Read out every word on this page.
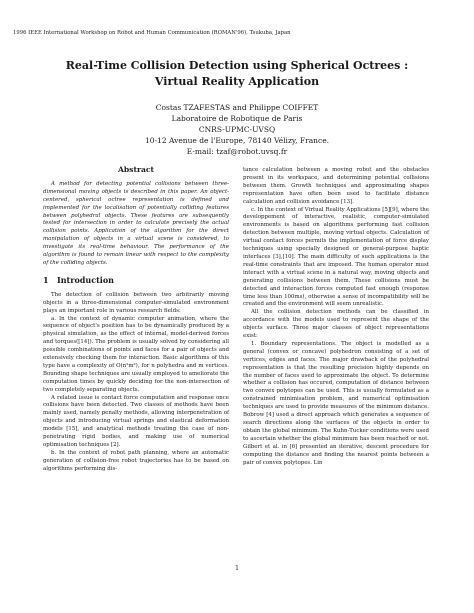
1996 IEEE International Workshop on Robot and Human Communication (ROMAN'96), Tsukuba, Japan
Real-Time Collision Detection using Spherical Octrees :
Virtual Reality Application
Costas TZAFESTAS and Philippe COIFFET
Laboratoire de Robotique de Paris
CNRS-UPMC-UVSQ
10-12 Avenue de l'Europe, 78140 Vélizy, France.
E-mail: tzaf@robot.uvsq.fr
Abstract

A method for detecting potential collisions between three-dimensional moving objects is described in this paper. An object-centered, spherical octree representation is defined and implemented for the localisation of potentially colliding features between polyhedral objects. These features are subsequently tested for intersection in order to calculate precisely the actual collision points. Application of the algorithm for the direct manipulation of objects in a virtual scene is considered, to investigate its real-time behaviour. The performance of the algorithm is found to remain linear with respect to the complexity of the colliding objects.

1 Introduction

The detection of collision between two arbitrarily moving objects in a three-dimensional computer-simulated environment plays an important role in various research fields:

a. In the context of dynamic computer animation, where the sequence of object's position has to be dynamically produced by a physical simulation, as the effect of internal, model-derived forces and torques([14]). The problem is usually solved by considering all possible combinations of points and faces for a pair of objects and extensively checking them for interaction. Basic algorithms of this type have a complexity of O(n²m²), for n polyhedra and m vertices. Bounding shape techniques are usually employed to ameliorate the computation times by quickly deciding for the non-intersection of two completely separating objects.

A related issue is contact force computation and response once collisions have been detected. Two classes of methods have been mainly used, namely penalty methods, allowing interpenetration of objects and introducing virtual springs and elastical deformation models [15], and analytical methods treating the case of non-penetrating rigid bodies, and making use of numerical optimisation techniques [2].

b. In the context of robot path planning, where an automatic generation of collision-free robot trajectories has to be based on algorithms performing dis-

tance calculation between a moving robot and the obstacles present in its workspace, and determining potential collisions between them. Growth techniques and approximating shapes representation have often been used to facilitate distance calculation and collision avoidance [13].

c. In the context of Virtual Reality Applications [5][9], where the developpement of interactive, realistic, computer-simulated environments is based on algorithms performing fast collision detection between multiple, moving virtual objects. Calculation of virtual contact forces permits the implementation of force display techniques using specially designed or general-purpose haptic interfaces [3],[10]. The main difficulty of such applications is the real-time constraints that are imposed. The human operator must interact with a virtual scene in a natural way, moving objects and generating collisions between them. These collisions must be detected and interaction forces computed fast enough (response time less than 100ms), otherwise a sense of incompatibility will be created and the environment will seem unrealistic.

All the collision detection methods can be classified in accordance with the models used to represent the shape of the objects surface. Three major classes of object representations exist:

1. Boundary representations. The object is modelled as a general (convex or concave) polyhedron consisting of a set of vertices, edges and faces. The major drawback of the polyhedral representation is that the resulting precision highly depends on the number of faces used to approximate the object. To determine whether a collision has occured, computation of distance between two convex polytopes can be used. This is usually formulated as a constrained minimisation problem, and numerical optimisation techniques are used to provide measures of the minimum distance. Bobrow [4] used a direct approach which generates a sequence of search directions along the surfaces of the objects in order to obtain the global minimum. The Kuhn-Tucker conditions were used to ascertain whether the global minimum has been reached or not. Gilbert et al. in [6] presented an iterative, descent procedure for computing the distance and finding the nearest points between a pair of convex polytopes. Lin

1
